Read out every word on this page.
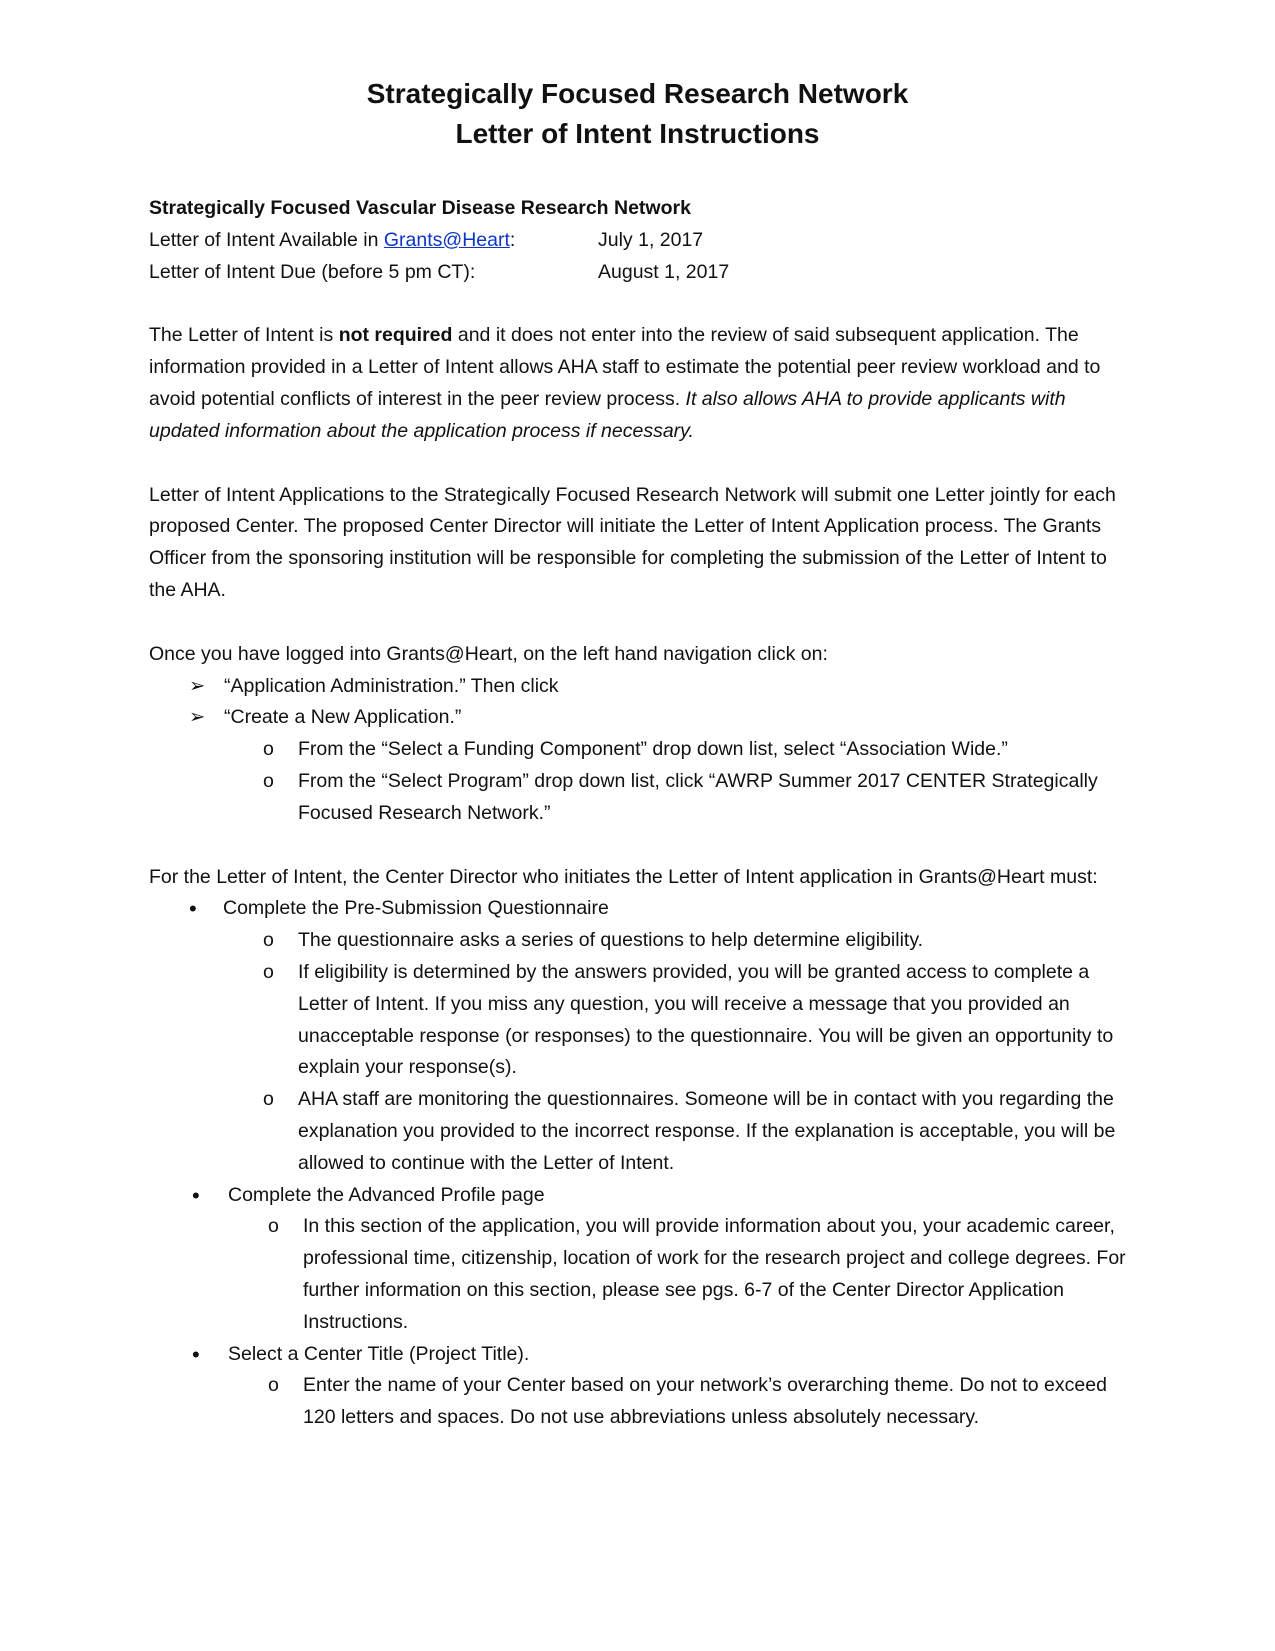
Strategically Focused Research Network
Letter of Intent Instructions

Strategically Focused Vascular Disease Research Network

Letter of Intent Available in Grants@Heart:	July 1, 2017
Letter of Intent Due (before 5 pm CT):	August 1, 2017

The Letter of Intent is not required and it does not enter into the review of said subsequent application. The information provided in a Letter of Intent allows AHA staff to estimate the potential peer review workload and to avoid potential conflicts of interest in the peer review process. It also allows AHA to provide applicants with updated information about the application process if necessary.

Letter of Intent Applications to the Strategically Focused Research Network will submit one Letter jointly for each proposed Center. The proposed Center Director will initiate the Letter of Intent Application process. The Grants Officer from the sponsoring institution will be responsible for completing the submission of the Letter of Intent to the AHA.

Once you have logged into Grants@Heart, on the left hand navigation click on:

➢ “Application Administration.” Then click
➢ “Create a New Application.”
o From the “Select a Funding Component” drop down list, select “Association Wide.”
o From the “Select Program” drop down list, click “AWRP Summer 2017 CENTER Strategically Focused Research Network.”

For the Letter of Intent, the Center Director who initiates the Letter of Intent application in Grants@Heart must:

• Complete the Pre-Submission Questionnaire
o The questionnaire asks a series of questions to help determine eligibility.
o If eligibility is determined by the answers provided, you will be granted access to complete a Letter of Intent. If you miss any question, you will receive a message that you provided an unacceptable response (or responses) to the questionnaire. You will be given an opportunity to explain your response(s).
o AHA staff are monitoring the questionnaires. Someone will be in contact with you regarding the explanation you provided to the incorrect response. If the explanation is acceptable, you will be allowed to continue with the Letter of Intent.
• Complete the Advanced Profile page
o In this section of the application, you will provide information about you, your academic career, professional time, citizenship, location of work for the research project and college degrees. For further information on this section, please see pgs. 6-7 of the Center Director Application Instructions.
• Select a Center Title (Project Title).
o Enter the name of your Center based on your network’s overarching theme. Do not to exceed 120 letters and spaces. Do not use abbreviations unless absolutely necessary.
